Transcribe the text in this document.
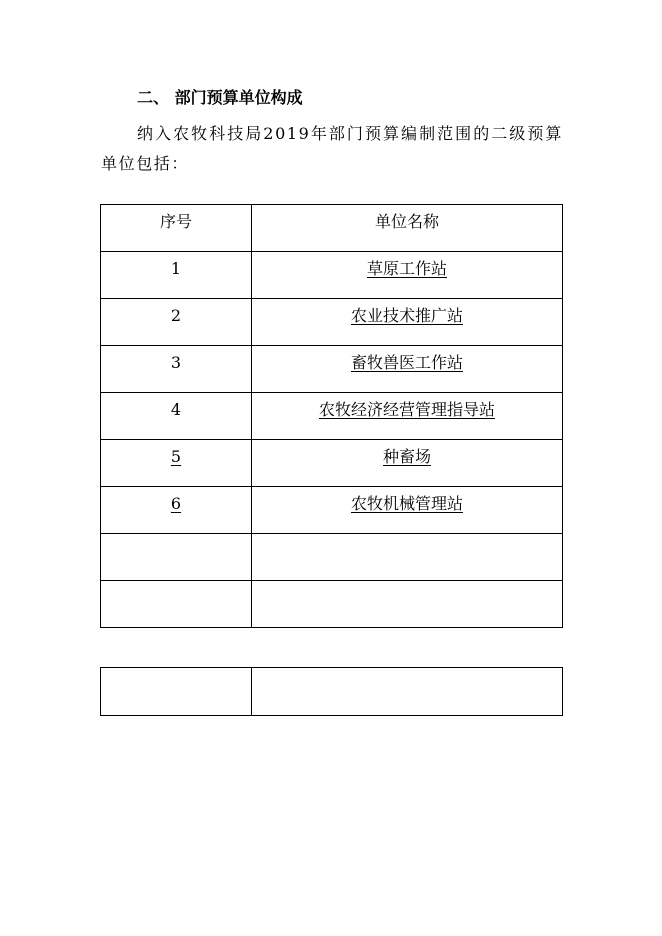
二、 部门预算单位构成
纳入农牧科技局2019年部门预算编制范围的二级预算单位包括：
序号	单位名称
1	草原工作站
2	农业技术推广站
3	畜牧兽医工作站
4	农牧经济经营管理指导站
5	种畜场
6	农牧机械管理站
